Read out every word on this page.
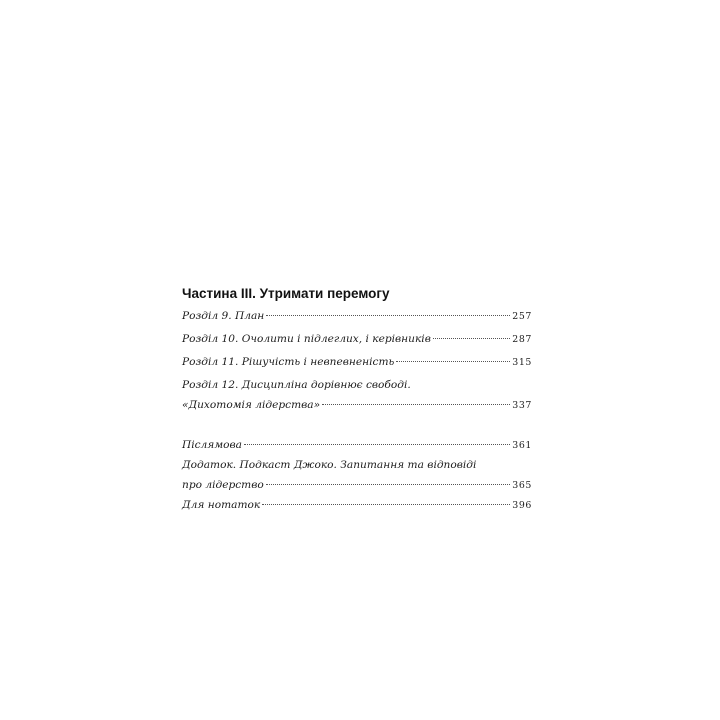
Частина III. Утримати перемогу
Розділ 9. План	257
Розділ 10. Очолити і підлеглих, і керівників	287
Розділ 11. Рішучість і невпевненість	315
Розділ 12. Дисципліна дорівнює свободі.
«Дихотомія лідерства»	337
Післямова	361
Додаток. Подкаст Джоко. Запитання та відповіді
про лідерство	365
Для нотаток	396
